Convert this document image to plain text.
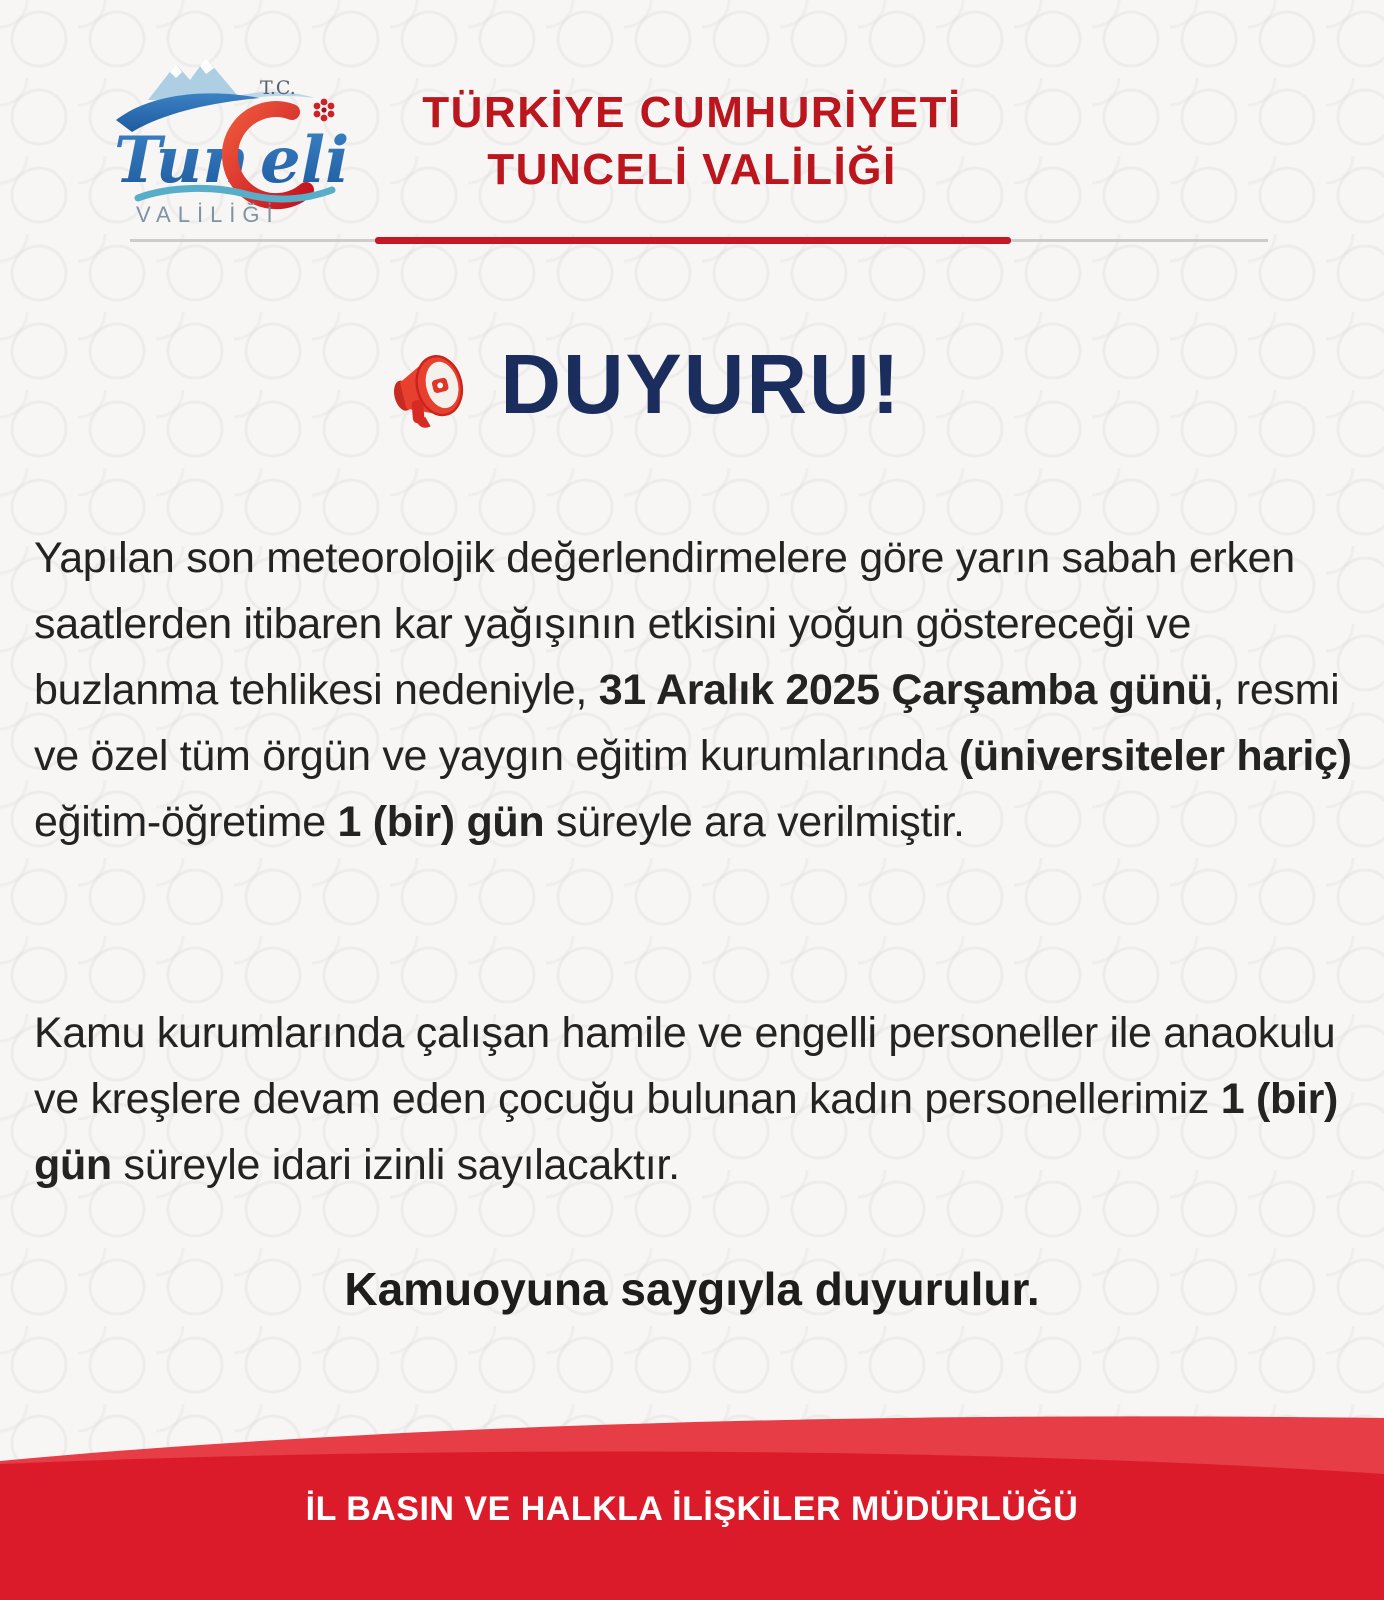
T.C.
Tun eli
VALİLİĞİ
TÜRKİYE CUMHURİYETİ
TUNCELİ VALİLİĞİ
DUYURU!

Yapılan son meteorolojik değerlendirmelere göre yarın sabah erken saatlerden itibaren kar yağışının etkisini yoğun göstereceği ve buzlanma tehlikesi nedeniyle, 31 Aralık 2025 Çarşamba günü, resmi ve özel tüm örgün ve yaygın eğitim kurumlarında (üniversiteler hariç) eğitim-öğretime 1 (bir) gün süreyle ara verilmiştir.

Kamu kurumlarında çalışan hamile ve engelli personeller ile anaokulu ve kreşlere devam eden çocuğu bulunan kadın personellerimiz 1 (bir) gün süreyle idari izinli sayılacaktır.

Kamuoyuna saygıyla duyurulur.
İL BASIN VE HALKLA İLİŞKİLER MÜDÜRLÜĞÜ
